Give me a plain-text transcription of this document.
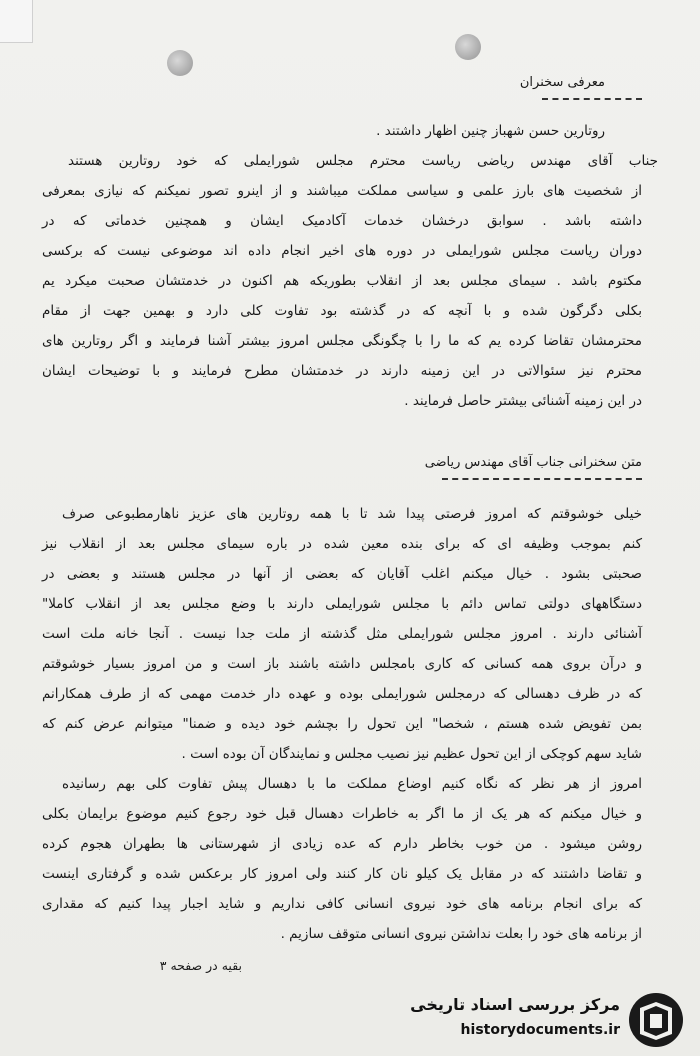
معرفی سخنران
روتارین حسن شهباز چنین اظهار داشتند .
جناب آقای مهندس ریاضی ریاست محترم مجلس شورایملی که خود روتارین هستند
از شخصیت های بارز علمی و سیاسی مملکت میباشند و از اینرو تصور نمیکنم که نیازی بمعرفی
داشته باشد . سوابق درخشان خدمات آکادمیک ایشان و همچنین خدماتی که در
دوران ریاست مجلس شورایملی در دوره های اخیر انجام داده اند موضوعی نیست که برکسی
مکتوم باشد . سیمای مجلس بعد از انقلاب بطوریکه هم اکنون در خدمتشان صحبت میکرد یم
بکلی دگرگون شده و با آنچه که در گذشته بود تفاوت کلی دارد و بهمین جهت از مقام
محترمشان تقاضا کرده یم که ما را با چگونگی مجلس امروز بیشتر آشنا فرمایند و اگر روتارین های
محترم نیز سئوالاتی در این زمینه دارند در خدمتشان مطرح فرمایند و با توضیحات ایشان
در این زمینه آشنائی بیشتر حاصل فرمایند .
متن سخنرانی جناب آقای مهندس ریاضی
خیلی خوشوقتم که امروز فرصتی پیدا شد تا با همه روتارین های عزیز ناهارمطبوعی صرف
کنم بموجب وظیفه ای که برای بنده معین شده در باره سیمای مجلس بعد از انقلاب نیز
صحبتی بشود . خیال میکنم اغلب آقایان که بعضی از آنها در مجلس هستند و بعضی در
دستگاههای دولتی تماس دائم با مجلس شورایملی دارند با وضع مجلس بعد از انقلاب کاملا"
آشنائی دارند . امروز مجلس شورایملی مثل گذشته از ملت جدا نیست . آنجا خانه ملت است
و درآن بروی همه کسانی که کاری بامجلس داشته باشند باز است و من امروز بسیار خوشوقتم
که در ظرف دهسالی که درمجلس شورایملی بوده و عهده دار خدمت مهمی که از طرف همکارانم
بمن تفویض شده هستم ، شخصا" این تحول را بچشم خود دیده و ضمنا" میتوانم عرض کنم که
شاید سهم کوچکی از این تحول عظیم نیز نصیب مجلس و نمایندگان آن بوده است .
امروز از هر نظر که نگاه کنیم اوضاع مملکت ما با دهسال پیش تفاوت کلی بهم رسانیده
و خیال میکنم که هر یک از ما اگر به خاطرات دهسال قبل خود رجوع کنیم موضوع برایمان بکلی
روشن میشود . من خوب بخاطر دارم که عده زیادی از شهرستانی ها بطهران هجوم کرده
و تقاضا داشتند که در مقابل یک کیلو نان کار کنند ولی امروز کار برعکس شده و گرفتاری اینست
که برای انجام برنامه های خود نیروی انسانی کافی نداریم و شاید اجبار پیدا کنیم که مقداری
از برنامه های خود را بعلت نداشتن نیروی انسانی متوقف سازیم .
بقیه در صفحه ۳
مرکز بررسی اسناد تاریخی
historydocuments.ir
